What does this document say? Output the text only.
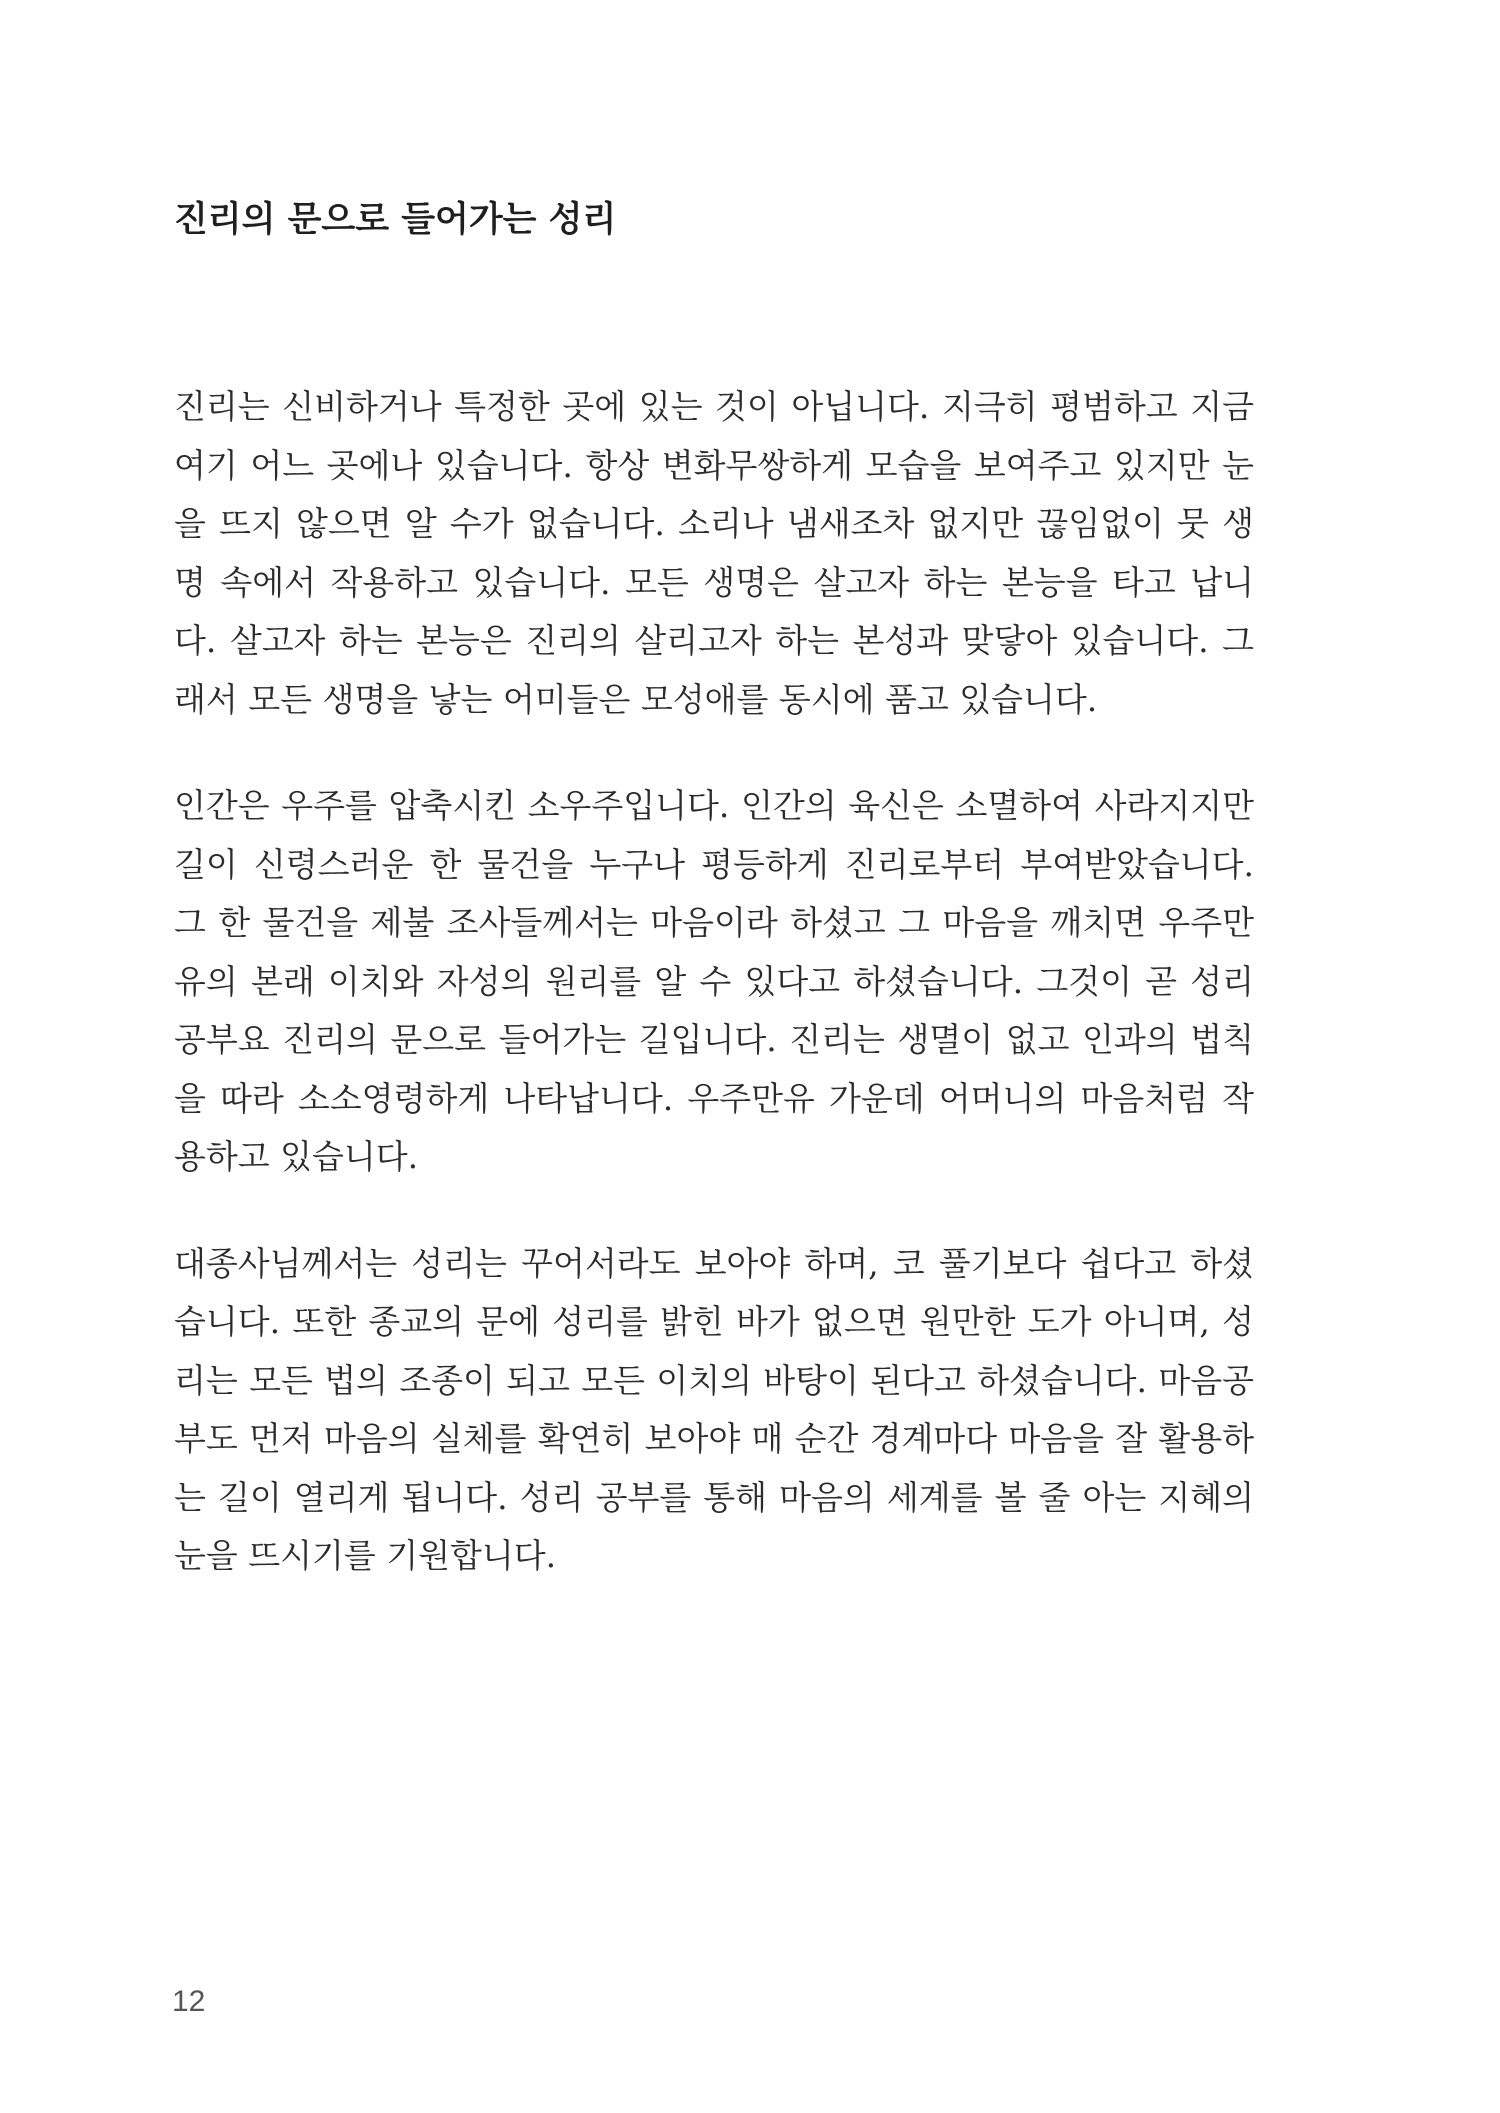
진리의 문으로 들어가는 성리

진리는 신비하거나 특정한 곳에 있는 것이 아닙니다. 지극히 평범하고 지금
여기 어느 곳에나 있습니다. 항상 변화무쌍하게 모습을 보여주고 있지만 눈
을 뜨지 않으면 알 수가 없습니다. 소리나 냄새조차 없지만 끊임없이 뭇 생
명 속에서 작용하고 있습니다. 모든 생명은 살고자 하는 본능을 타고 납니
다. 살고자 하는 본능은 진리의 살리고자 하는 본성과 맞닿아 있습니다. 그
래서 모든 생명을 낳는 어미들은 모성애를 동시에 품고 있습니다.

인간은 우주를 압축시킨 소우주입니다. 인간의 육신은 소멸하여 사라지지만
길이 신령스러운 한 물건을 누구나 평등하게 진리로부터 부여받았습니다.
그 한 물건을 제불 조사들께서는 마음이라 하셨고 그 마음을 깨치면 우주만
유의 본래 이치와 자성의 원리를 알 수 있다고 하셨습니다. 그것이 곧 성리
공부요 진리의 문으로 들어가는 길입니다. 진리는 생멸이 없고 인과의 법칙
을 따라 소소영령하게 나타납니다. 우주만유 가운데 어머니의 마음처럼 작
용하고 있습니다.

대종사님께서는 성리는 꾸어서라도 보아야 하며, 코 풀기보다 쉽다고 하셨
습니다. 또한 종교의 문에 성리를 밝힌 바가 없으면 원만한 도가 아니며, 성
리는 모든 법의 조종이 되고 모든 이치의 바탕이 된다고 하셨습니다. 마음공
부도 먼저 마음의 실체를 확연히 보아야 매 순간 경계마다 마음을 잘 활용하
는 길이 열리게 됩니다. 성리 공부를 통해 마음의 세계를 볼 줄 아는 지혜의
눈을 뜨시기를 기원합니다.

12
